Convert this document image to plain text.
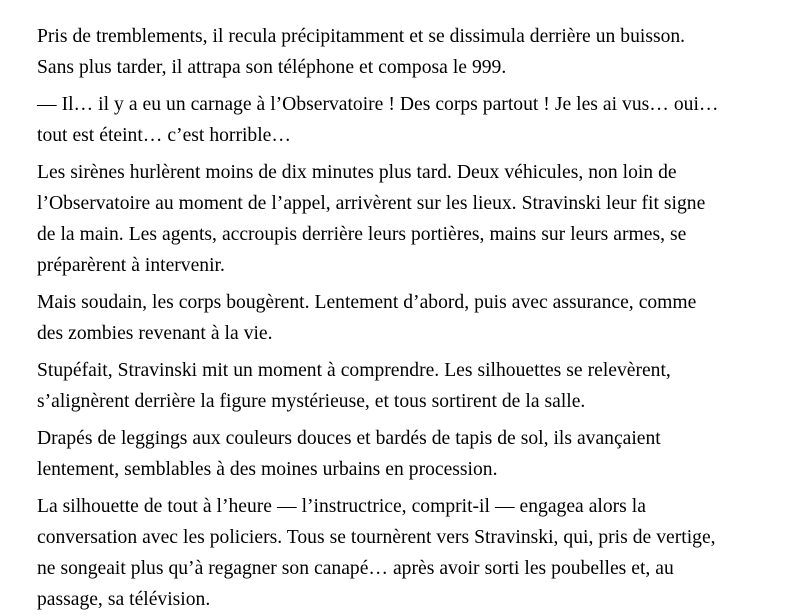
Pris de tremblements, il recula précipitamment et se dissimula derrière un buisson. Sans plus tarder, il attrapa son téléphone et composa le 999.

— Il… il y a eu un carnage à l’Observatoire ! Des corps partout ! Je les ai vus… oui… tout est éteint… c’est horrible…

Les sirènes hurlèrent moins de dix minutes plus tard. Deux véhicules, non loin de l’Observatoire au moment de l’appel, arrivèrent sur les lieux. Stravinski leur fit signe de la main. Les agents, accroupis derrière leurs portières, mains sur leurs armes, se préparèrent à intervenir.

Mais soudain, les corps bougèrent. Lentement d’abord, puis avec assurance, comme des zombies revenant à la vie.

Stupéfait, Stravinski mit un moment à comprendre. Les silhouettes se relevèrent, s’alignèrent derrière la figure mystérieuse, et tous sortirent de la salle.

Drapés de leggings aux couleurs douces et bardés de tapis de sol, ils avançaient lentement, semblables à des moines urbains en procession.

La silhouette de tout à l’heure — l’instructrice, comprit-il — engagea alors la conversation avec les policiers. Tous se tournèrent vers Stravinski, qui, pris de vertige, ne songeait plus qu’à regagner son canapé… après avoir sorti les poubelles et, au passage, sa télévision.
